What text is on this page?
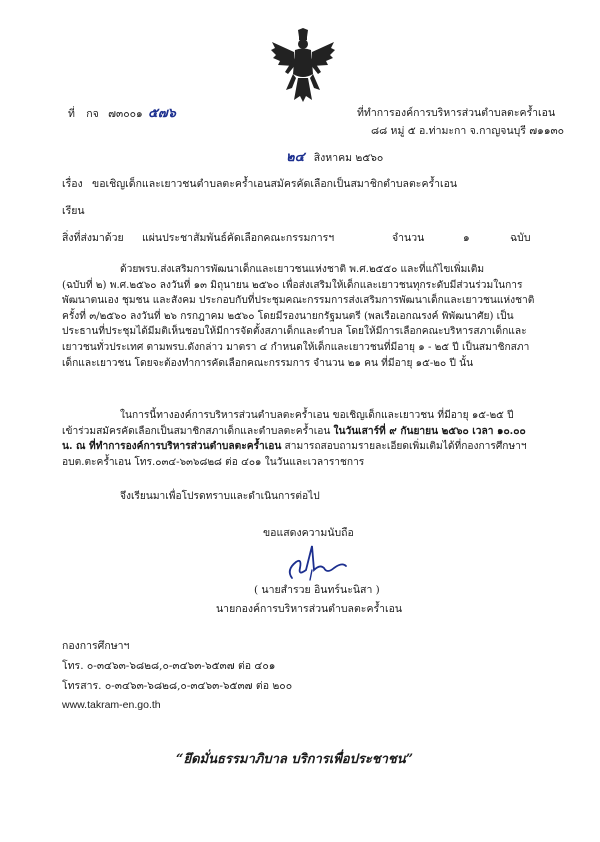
ที่ กจ ๗๓๐๐๑ ๕๗๖	ที่ทำการองค์การบริหารส่วนตำบลตะคร้ำเอน
๘๘ หมู่ ๕ อ.ท่ามะกา จ.กาญจนบุรี ๗๑๑๓๐
๒๔ สิงหาคม ๒๕๖๐
เรื่อง ขอเชิญเด็กและเยาวชนตำบลตะคร้ำเอนสมัครคัดเลือกเป็นสมาชิกตำบลตะคร้ำเอน
เรียน
สิ่งที่ส่งมาด้วย แผ่นประชาสัมพันธ์คัดเลือกคณะกรรมการฯ	จำนวน	๑	ฉบับ
ด้วยพรบ.ส่งเสริมการพัฒนาเด็กและเยาวชนแห่งชาติ พ.ศ.๒๕๕๐ และที่แก้ไขเพิ่มเติม
(ฉบับที่ ๒) พ.ศ.๒๕๖๐ ลงวันที่ ๑๓ มิถุนายน ๒๕๖๐ เพื่อส่งเสริมให้เด็กและเยาวชนทุกระดับมีส่วนร่วมในการ
พัฒนาตนเอง ชุมชน และสังคม ประกอบกับที่ประชุมคณะกรรมการส่งเสริมการพัฒนาเด็กและเยาวชนแห่งชาติ
ครั้งที่ ๓/๒๕๖๐ ลงวันที่ ๒๖ กรกฎาคม ๒๕๖๐ โดยมีรองนายกรัฐมนตรี (พลเรือเอกณรงค์ พิพัฒนาศัย) เป็น
ประธานที่ประชุมได้มีมติเห็นชอบให้มีการจัดตั้งสภาเด็กและตำบล โดยให้มีการเลือกคณะบริหารสภาเด็กและ
เยาวชนทั่วประเทศ ตามพรบ.ดังกล่าว มาตรา ๔ กำหนดให้เด็กและเยาวชนที่มีอายุ ๑ - ๒๕ ปี เป็นสมาชิกสภา
เด็กและเยาวชน โดยจะต้องทำการคัดเลือกคณะกรรมการ จำนวน ๒๑ คน ที่มีอายุ ๑๕-๒๐ ปี นั้น
ในการนี้ทางองค์การบริหารส่วนตำบลตะคร้ำเอน ขอเชิญเด็กและเยาวชน ที่มีอายุ ๑๕-๒๕ ปี
เข้าร่วมสมัครคัดเลือกเป็นสมาชิกสภาเด็กและตำบลตะคร้ำเอน ในวันเสาร์ที่ ๙ กันยายน ๒๕๖๐ เวลา ๑๐.๐๐
น. ณ ที่ทำการองค์การบริหารส่วนตำบลตะคร้ำเอน สามารถสอบถามรายละเอียดเพิ่มเติมได้ที่กองการศึกษาฯ
อบต.ตะคร้ำเอน โทร.๐๓๔-๖๓๖๘๒๘ ต่อ ๔๐๑ ในวันและเวลาราชการ
จึงเรียนมาเพื่อโปรดทราบและดำเนินการต่อไป
ขอแสดงความนับถือ
( นายสำรวย อินทร์นะนิสา )
นายกองค์การบริหารส่วนตำบลตะคร้ำเอน
กองการศึกษาฯ
โทร. ๐-๓๔๖๓-๖๘๒๘,๐-๓๔๖๓-๖๕๓๗ ต่อ ๔๐๑
โทรสาร. ๐-๓๔๖๓-๖๘๒๘,๐-๓๔๖๓-๖๕๓๗ ต่อ ๒๐๐
www.takram-en.go.th
“ยึดมั่นธรรมาภิบาล บริการเพื่อประชาชน”
